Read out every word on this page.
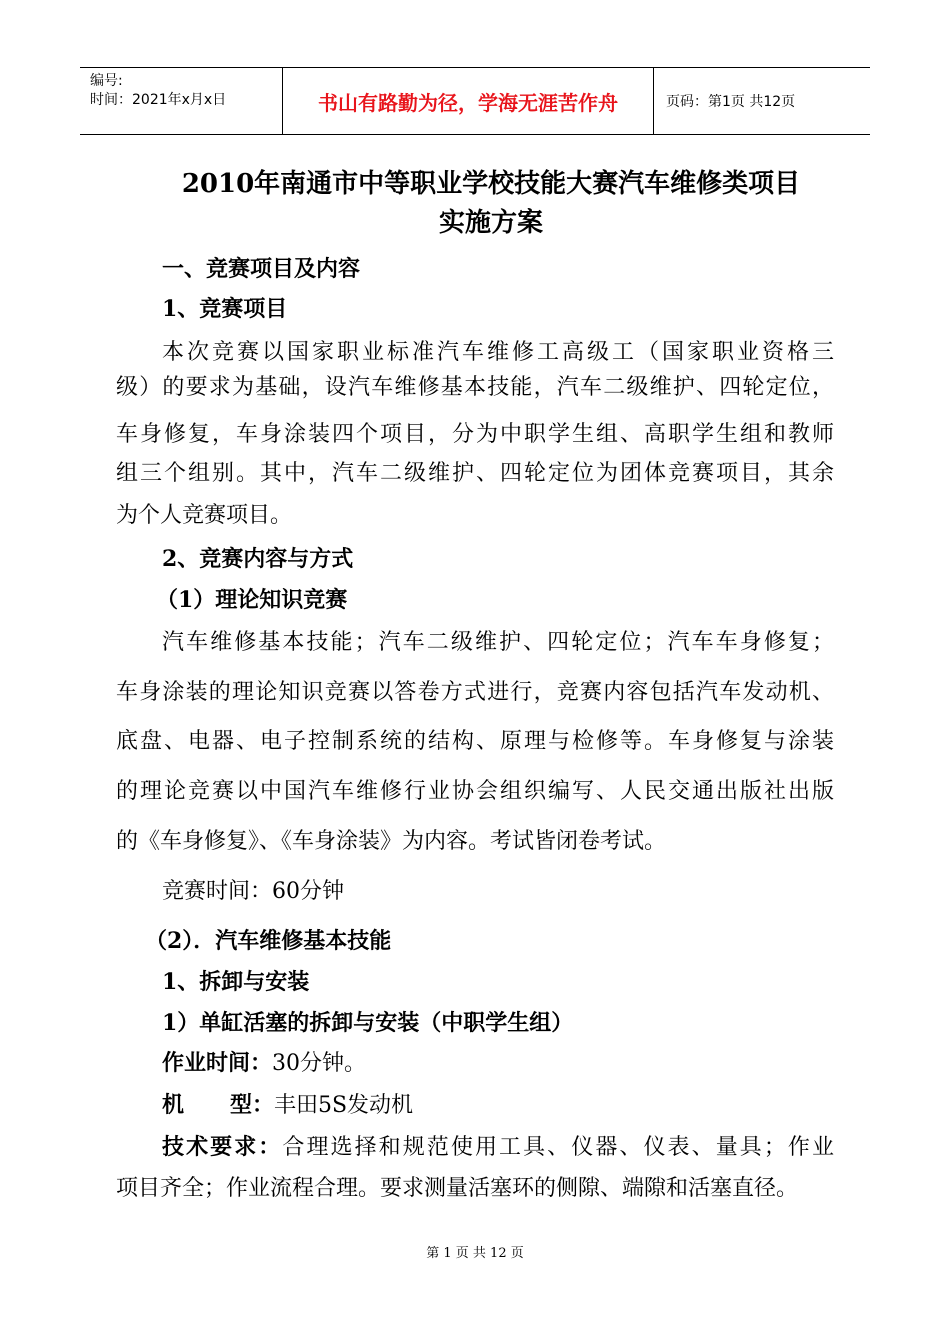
编号:
时间：2021年x月x日	书山有路勤为径，学海无涯苦作舟	页码：第1页 共12页
2010年南通市中等职业学校技能大赛汽车维修类项目
实施方案
一、竞赛项目及内容
1、竞赛项目
本次竞赛以国家职业标准汽车维修工高级工（国家职业资格三
级）的要求为基础，设汽车维修基本技能，汽车二级维护、四轮定位，
车身修复，车身涂装四个项目，分为中职学生组、高职学生组和教师
组三个组别。其中，汽车二级维护、四轮定位为团体竞赛项目，其余
为个人竞赛项目。
2、竞赛内容与方式
（1）理论知识竞赛
汽车维修基本技能；汽车二级维护、四轮定位；汽车车身修复；
车身涂装的理论知识竞赛以答卷方式进行，竞赛内容包括汽车发动机、
底盘、电器、电子控制系统的结构、原理与检修等。车身修复与涂装
的理论竞赛以中国汽车维修行业协会组织编写、人民交通出版社出版
的《车身修复》、《车身涂装》为内容。考试皆闭卷考试。
竞赛时间：60分钟
（2）．汽车维修基本技能
1、拆卸与安装
1）单缸活塞的拆卸与安装（中职学生组）
作业时间：30分钟。
机      型：丰田5S发动机
技术要求：合理选择和规范使用工具、仪器、仪表、量具；作业
项目齐全；作业流程合理。要求测量活塞环的侧隙、端隙和活塞直径。
第 1 页 共 12 页
